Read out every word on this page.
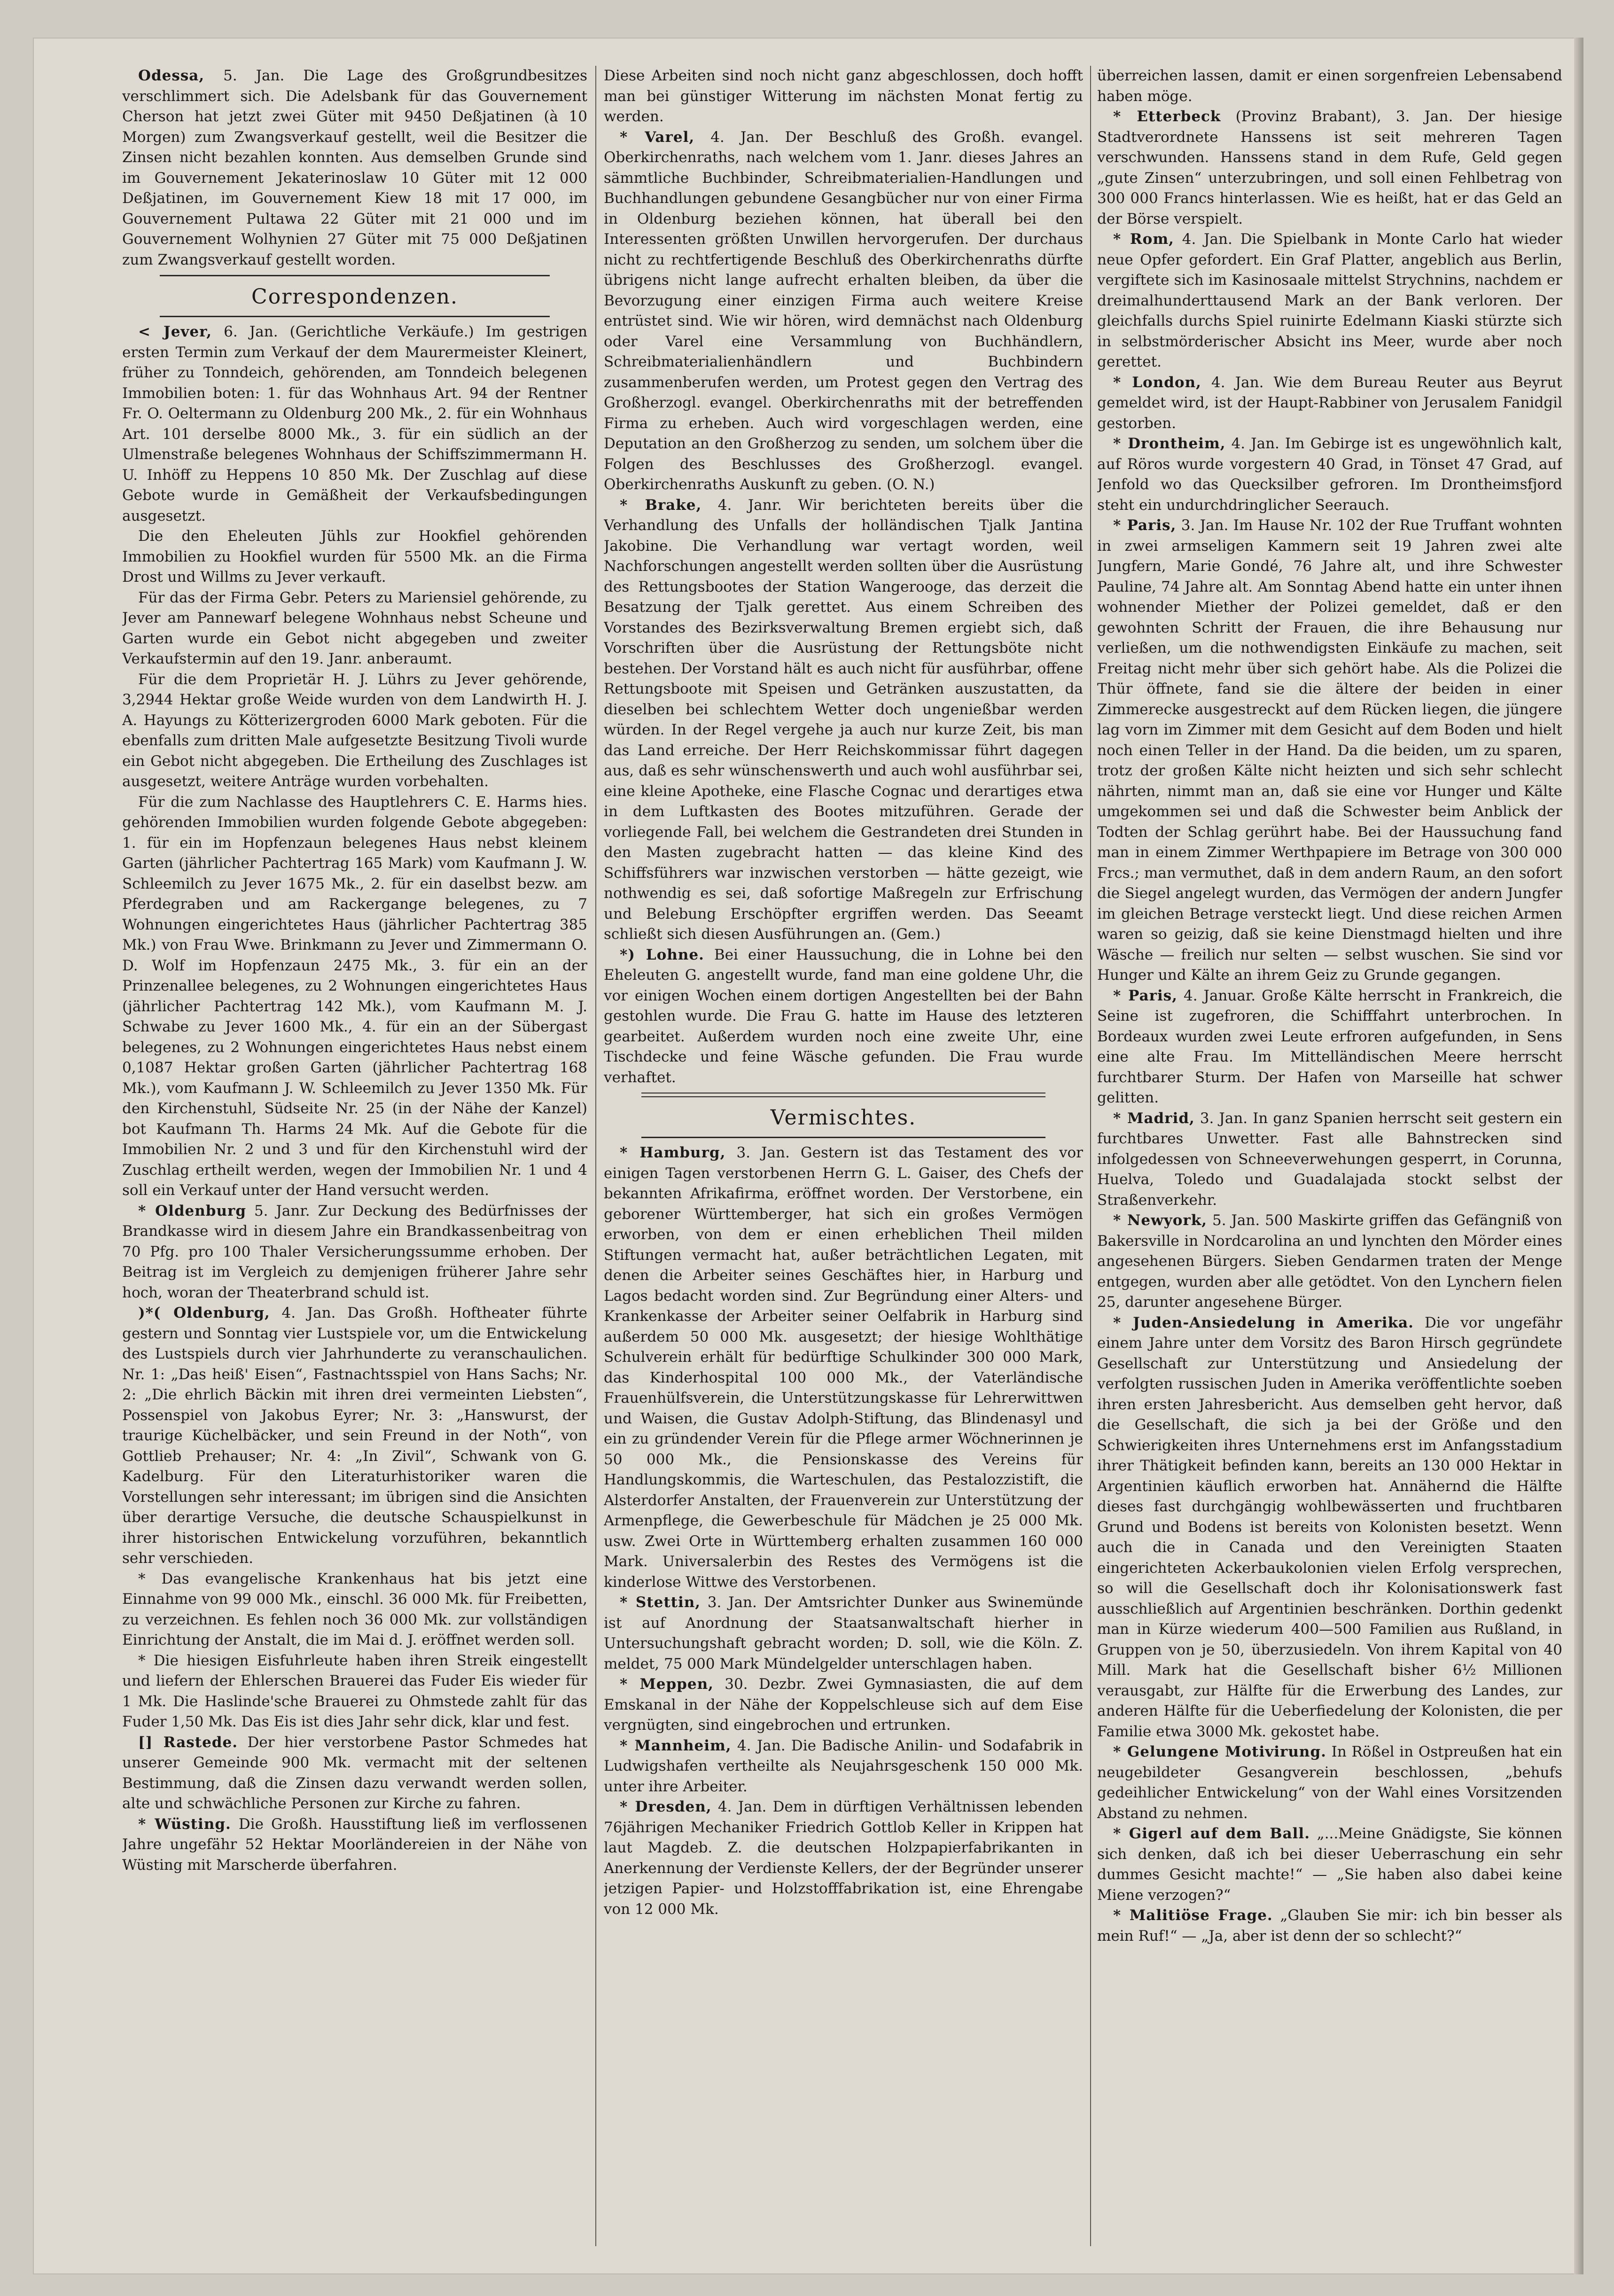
Odessa, 5. Jan. Die Lage des Großgrundbesitzes verschlimmert sich. Die Adelsbank für das Gouvernement Cherson hat jetzt zwei Güter mit 9450 Deßjatinen (à 10 Morgen) zum Zwangsverkauf gestellt, weil die Besitzer die Zinsen nicht bezahlen konnten. Aus demselben Grunde sind im Gouvernement Jekaterinoslaw 10 Güter mit 12 000 Deßjatinen, im Gouvernement Kiew 18 mit 17 000, im Gouvernement Pultawa 22 Güter mit 21 000 und im Gouvernement Wolhynien 27 Güter mit 75 000 Deßjatinen zum Zwangsverkauf gestellt worden.

Correspondenzen.

< Jever, 6. Jan. (Gerichtliche Verkäufe.) Im gestrigen ersten Termin zum Verkauf der dem Maurermeister Kleinert, früher zu Tonndeich, gehörenden, am Tonndeich belegenen Immobilien boten: 1. für das Wohnhaus Art. 94 der Rentner Fr. O. Oeltermann zu Oldenburg 200 Mk., 2. für ein Wohnhaus Art. 101 derselbe 8000 Mk., 3. für ein südlich an der Ulmenstraße belegenes Wohnhaus der Schiffszimmermann H. U. Inhöff zu Heppens 10 850 Mk. Der Zuschlag auf diese Gebote wurde in Gemäßheit der Verkaufsbedingungen ausgesetzt.

Die den Eheleuten Jühls zur Hookfiel gehörenden Immobilien zu Hookfiel wurden für 5500 Mk. an die Firma Drost und Willms zu Jever verkauft.

Für das der Firma Gebr. Peters zu Mariensiel gehörende, zu Jever am Pannewarf belegene Wohnhaus nebst Scheune und Garten wurde ein Gebot nicht abgegeben und zweiter Verkaufstermin auf den 19. Janr. anberaumt.

Für die dem Proprietär H. J. Lührs zu Jever gehörende, 3,2944 Hektar große Weide wurden von dem Landwirth H. J. A. Hayungs zu Kötterizergroden 6000 Mark geboten. Für die ebenfalls zum dritten Male aufgesetzte Besitzung Tivoli wurde ein Gebot nicht abgegeben. Die Ertheilung des Zuschlages ist ausgesetzt, weitere Anträge wurden vorbehalten.

Für die zum Nachlasse des Hauptlehrers C. E. Harms hies. gehörenden Immobilien wurden folgende Gebote abgegeben: 1. für ein im Hopfenzaun belegenes Haus nebst kleinem Garten (jährlicher Pachtertrag 165 Mark) vom Kaufmann J. W. Schleemilch zu Jever 1675 Mk., 2. für ein daselbst bezw. am Pferdegraben und am Rackergange belegenes, zu 7 Wohnungen eingerichtetes Haus (jährlicher Pachtertrag 385 Mk.) von Frau Wwe. Brinkmann zu Jever und Zimmermann O. D. Wolf im Hopfenzaun 2475 Mk., 3. für ein an der Prinzenallee belegenes, zu 2 Wohnungen eingerichtetes Haus (jährlicher Pachtertrag 142 Mk.), vom Kaufmann M. J. Schwabe zu Jever 1600 Mk., 4. für ein an der Sübergast belegenes, zu 2 Wohnungen eingerichtetes Haus nebst einem 0,1087 Hektar großen Garten (jährlicher Pachtertrag 168 Mk.), vom Kaufmann J. W. Schleemilch zu Jever 1350 Mk. Für den Kirchenstuhl, Südseite Nr. 25 (in der Nähe der Kanzel) bot Kaufmann Th. Harms 24 Mk. Auf die Gebote für die Immobilien Nr. 2 und 3 und für den Kirchenstuhl wird der Zuschlag ertheilt werden, wegen der Immobilien Nr. 1 und 4 soll ein Verkauf unter der Hand versucht werden.

* Oldenburg 5. Janr. Zur Deckung des Bedürfnisses der Brandkasse wird in diesem Jahre ein Brandkassenbeitrag von 70 Pfg. pro 100 Thaler Versicherungssumme erhoben. Der Beitrag ist im Vergleich zu demjenigen früherer Jahre sehr hoch, woran der Theaterbrand schuld ist.

)*( Oldenburg, 4. Jan. Das Großh. Hoftheater führte gestern und Sonntag vier Lustspiele vor, um die Entwickelung des Lustspiels durch vier Jahrhunderte zu veranschaulichen. Nr. 1: „Das heiß' Eisen“, Fastnachtsspiel von Hans Sachs; Nr. 2: „Die ehrlich Bäckin mit ihren drei vermeinten Liebsten“, Possenspiel von Jakobus Eyrer; Nr. 3: „Hanswurst, der traurige Küchelbäcker, und sein Freund in der Noth“, von Gottlieb Prehauser; Nr. 4: „In Zivil“, Schwank von G. Kadelburg. Für den Literaturhistoriker waren die Vorstellungen sehr interessant; im übrigen sind die Ansichten über derartige Versuche, die deutsche Schauspielkunst in ihrer historischen Entwickelung vorzuführen, bekanntlich sehr verschieden.

* Das evangelische Krankenhaus hat bis jetzt eine Einnahme von 99 000 Mk., einschl. 36 000 Mk. für Freibetten, zu verzeichnen. Es fehlen noch 36 000 Mk. zur vollständigen Einrichtung der Anstalt, die im Mai d. J. eröffnet werden soll.

* Die hiesigen Eisfuhrleute haben ihren Streik eingestellt und liefern der Ehlerschen Brauerei das Fuder Eis wieder für 1 Mk. Die Haslinde'sche Brauerei zu Ohmstede zahlt für das Fuder 1,50 Mk. Das Eis ist dies Jahr sehr dick, klar und fest.

[] Rastede. Der hier verstorbene Pastor Schmedes hat unserer Gemeinde 900 Mk. vermacht mit der seltenen Bestimmung, daß die Zinsen dazu verwandt werden sollen, alte und schwächliche Personen zur Kirche zu fahren.

* Wüsting. Die Großh. Hausstiftung ließ im verflossenen Jahre ungefähr 52 Hektar Moorländereien in der Nähe von Wüsting mit Marscherde überfahren.

Diese Arbeiten sind noch nicht ganz abgeschlossen, doch hofft man bei günstiger Witterung im nächsten Monat fertig zu werden.

* Varel, 4. Jan. Der Beschluß des Großh. evangel. Oberkirchenraths, nach welchem vom 1. Janr. dieses Jahres an sämmtliche Buchbinder, Schreibmaterialien-Handlungen und Buchhandlungen gebundene Gesangbücher nur von einer Firma in Oldenburg beziehen können, hat überall bei den Interessenten größten Unwillen hervorgerufen. Der durchaus nicht zu rechtfertigende Beschluß des Oberkirchenraths dürfte übrigens nicht lange aufrecht erhalten bleiben, da über die Bevorzugung einer einzigen Firma auch weitere Kreise entrüstet sind. Wie wir hören, wird demnächst nach Oldenburg oder Varel eine Versammlung von Buchhändlern, Schreibmaterialienhändlern und Buchbindern zusammenberufen werden, um Protest gegen den Vertrag des Großherzogl. evangel. Oberkirchenraths mit der betreffenden Firma zu erheben. Auch wird vorgeschlagen werden, eine Deputation an den Großherzog zu senden, um solchem über die Folgen des Beschlusses des Großherzogl. evangel. Oberkirchenraths Auskunft zu geben. (O. N.)

* Brake, 4. Janr. Wir berichteten bereits über die Verhandlung des Unfalls der holländischen Tjalk Jantina Jakobine. Die Verhandlung war vertagt worden, weil Nachforschungen angestellt werden sollten über die Ausrüstung des Rettungsbootes der Station Wangerooge, das derzeit die Besatzung der Tjalk gerettet. Aus einem Schreiben des Vorstandes des Bezirksverwaltung Bremen ergiebt sich, daß Vorschriften über die Ausrüstung der Rettungsböte nicht bestehen. Der Vorstand hält es auch nicht für ausführbar, offene Rettungsboote mit Speisen und Getränken auszustatten, da dieselben bei schlechtem Wetter doch ungenießbar werden würden. In der Regel vergehe ja auch nur kurze Zeit, bis man das Land erreiche. Der Herr Reichskommissar führt dagegen aus, daß es sehr wünschenswerth und auch wohl ausführbar sei, eine kleine Apotheke, eine Flasche Cognac und derartiges etwa in dem Luftkasten des Bootes mitzuführen. Gerade der vorliegende Fall, bei welchem die Gestrandeten drei Stunden in den Masten zugebracht hatten — das kleine Kind des Schiffsführers war inzwischen verstorben — hätte gezeigt, wie nothwendig es sei, daß sofortige Maßregeln zur Erfrischung und Belebung Erschöpfter ergriffen werden. Das Seeamt schließt sich diesen Ausführungen an. (Gem.)

*) Lohne. Bei einer Haussuchung, die in Lohne bei den Eheleuten G. angestellt wurde, fand man eine goldene Uhr, die vor einigen Wochen einem dortigen Angestellten bei der Bahn gestohlen wurde. Die Frau G. hatte im Hause des letzteren gearbeitet. Außerdem wurden noch eine zweite Uhr, eine Tischdecke und feine Wäsche gefunden. Die Frau wurde verhaftet.

Vermischtes.

* Hamburg, 3. Jan. Gestern ist das Testament des vor einigen Tagen verstorbenen Herrn G. L. Gaiser, des Chefs der bekannten Afrikafirma, eröffnet worden. Der Verstorbene, ein geborener Württemberger, hat sich ein großes Vermögen erworben, von dem er einen erheblichen Theil milden Stiftungen vermacht hat, außer beträchtlichen Legaten, mit denen die Arbeiter seines Geschäftes hier, in Harburg und Lagos bedacht worden sind. Zur Begründung einer Alters- und Krankenkasse der Arbeiter seiner Oelfabrik in Harburg sind außerdem 50 000 Mk. ausgesetzt; der hiesige Wohlthätige Schulverein erhält für bedürftige Schulkinder 300 000 Mark, das Kinderhospital 100 000 Mk., der Vaterländische Frauenhülfsverein, die Unterstützungskasse für Lehrerwittwen und Waisen, die Gustav Adolph-Stiftung, das Blindenasyl und ein zu gründender Verein für die Pflege armer Wöchnerinnen je 50 000 Mk., die Pensionskasse des Vereins für Handlungskommis, die Warteschulen, das Pestalozzistift, die Alsterdorfer Anstalten, der Frauenverein zur Unterstützung der Armenpflege, die Gewerbeschule für Mädchen je 25 000 Mk. usw. Zwei Orte in Württemberg erhalten zusammen 160 000 Mark. Universalerbin des Restes des Vermögens ist die kinderlose Wittwe des Verstorbenen.

* Stettin, 3. Jan. Der Amtsrichter Dunker aus Swinemünde ist auf Anordnung der Staatsanwaltschaft hierher in Untersuchungshaft gebracht worden; D. soll, wie die Köln. Z. meldet, 75 000 Mark Mündelgelder unterschlagen haben.

* Meppen, 30. Dezbr. Zwei Gymnasiasten, die auf dem Emskanal in der Nähe der Koppelschleuse sich auf dem Eise vergnügten, sind eingebrochen und ertrunken.

* Mannheim, 4. Jan. Die Badische Anilin- und Sodafabrik in Ludwigshafen vertheilte als Neujahrsgeschenk 150 000 Mk. unter ihre Arbeiter.

* Dresden, 4. Jan. Dem in dürftigen Verhältnissen lebenden 76jährigen Mechaniker Friedrich Gottlob Keller in Krippen hat laut Magdeb. Z. die deutschen Holzpapierfabrikanten in Anerkennung der Verdienste Kellers, der der Begründer unserer jetzigen Papier- und Holzstofffabrikation ist, eine Ehrengabe von 12 000 Mk.

überreichen lassen, damit er einen sorgenfreien Lebensabend haben möge.

* Etterbeck (Provinz Brabant), 3. Jan. Der hiesige Stadtverordnete Hanssens ist seit mehreren Tagen verschwunden. Hanssens stand in dem Rufe, Geld gegen „gute Zinsen“ unterzubringen, und soll einen Fehlbetrag von 300 000 Francs hinterlassen. Wie es heißt, hat er das Geld an der Börse verspielt.

* Rom, 4. Jan. Die Spielbank in Monte Carlo hat wieder neue Opfer gefordert. Ein Graf Platter, angeblich aus Berlin, vergiftete sich im Kasinosaale mittelst Strychnins, nachdem er dreimalhunderttausend Mark an der Bank verloren. Der gleichfalls durchs Spiel ruinirte Edelmann Kiaski stürzte sich in selbstmörderischer Absicht ins Meer, wurde aber noch gerettet.

* London, 4. Jan. Wie dem Bureau Reuter aus Beyrut gemeldet wird, ist der Haupt-Rabbiner von Jerusalem Fanidgil gestorben.

* Drontheim, 4. Jan. Im Gebirge ist es ungewöhnlich kalt, auf Röros wurde vorgestern 40 Grad, in Tönset 47 Grad, auf Jenfold wo das Quecksilber gefroren. Im Drontheimsfjord steht ein undurchdringlicher Seerauch.

* Paris, 3. Jan. Im Hause Nr. 102 der Rue Truffant wohnten in zwei armseligen Kammern seit 19 Jahren zwei alte Jungfern, Marie Gondé, 76 Jahre alt, und ihre Schwester Pauline, 74 Jahre alt. Am Sonntag Abend hatte ein unter ihnen wohnender Miether der Polizei gemeldet, daß er den gewohnten Schritt der Frauen, die ihre Behausung nur verließen, um die nothwendigsten Einkäufe zu machen, seit Freitag nicht mehr über sich gehört habe. Als die Polizei die Thür öffnete, fand sie die ältere der beiden in einer Zimmerecke ausgestreckt auf dem Rücken liegen, die jüngere lag vorn im Zimmer mit dem Gesicht auf dem Boden und hielt noch einen Teller in der Hand. Da die beiden, um zu sparen, trotz der großen Kälte nicht heizten und sich sehr schlecht nährten, nimmt man an, daß sie eine vor Hunger und Kälte umgekommen sei und daß die Schwester beim Anblick der Todten der Schlag gerührt habe. Bei der Haussuchung fand man in einem Zimmer Werthpapiere im Betrage von 300 000 Frcs.; man vermuthet, daß in dem andern Raum, an den sofort die Siegel angelegt wurden, das Vermögen der andern Jungfer im gleichen Betrage versteckt liegt. Und diese reichen Armen waren so geizig, daß sie keine Dienstmagd hielten und ihre Wäsche — freilich nur selten — selbst wuschen. Sie sind vor Hunger und Kälte an ihrem Geiz zu Grunde gegangen.

* Paris, 4. Januar. Große Kälte herrscht in Frankreich, die Seine ist zugefroren, die Schifffahrt unterbrochen. In Bordeaux wurden zwei Leute erfroren aufgefunden, in Sens eine alte Frau. Im Mittelländischen Meere herrscht furchtbarer Sturm. Der Hafen von Marseille hat schwer gelitten.

* Madrid, 3. Jan. In ganz Spanien herrscht seit gestern ein furchtbares Unwetter. Fast alle Bahnstrecken sind infolgedessen von Schneeverwehungen gesperrt, in Corunna, Huelva, Toledo und Guadalajada stockt selbst der Straßenverkehr.

* Newyork, 5. Jan. 500 Maskirte griffen das Gefängniß von Bakersville in Nordcarolina an und lynchten den Mörder eines angesehenen Bürgers. Sieben Gendarmen traten der Menge entgegen, wurden aber alle getödtet. Von den Lynchern fielen 25, darunter angesehene Bürger.

* Juden-Ansiedelung in Amerika. Die vor ungefähr einem Jahre unter dem Vorsitz des Baron Hirsch gegründete Gesellschaft zur Unterstützung und Ansiedelung der verfolgten russischen Juden in Amerika veröffentlichte soeben ihren ersten Jahresbericht. Aus demselben geht hervor, daß die Gesellschaft, die sich ja bei der Größe und den Schwierigkeiten ihres Unternehmens erst im Anfangsstadium ihrer Thätigkeit befinden kann, bereits an 130 000 Hektar in Argentinien käuflich erworben hat. Annähernd die Hälfte dieses fast durchgängig wohlbewässerten und fruchtbaren Grund und Bodens ist bereits von Kolonisten besetzt. Wenn auch die in Canada und den Vereinigten Staaten eingerichteten Ackerbaukolonien vielen Erfolg versprechen, so will die Gesellschaft doch ihr Kolonisationswerk fast ausschließlich auf Argentinien beschränken. Dorthin gedenkt man in Kürze wiederum 400—500 Familien aus Rußland, in Gruppen von je 50, überzusiedeln. Von ihrem Kapital von 40 Mill. Mark hat die Gesellschaft bisher 6½ Millionen verausgabt, zur Hälfte für die Erwerbung des Landes, zur anderen Hälfte für die Ueberfiedelung der Kolonisten, die per Familie etwa 3000 Mk. gekostet habe.

* Gelungene Motivirung. In Rößel in Ostpreußen hat ein neugebildeter Gesangverein beschlossen, „behufs gedeihlicher Entwickelung“ von der Wahl eines Vorsitzenden Abstand zu nehmen.

* Gigerl auf dem Ball. „...Meine Gnädigste, Sie können sich denken, daß ich bei dieser Ueberraschung ein sehr dummes Gesicht machte!“ — „Sie haben also dabei keine Miene verzogen?“

* Malitiöse Frage. „Glauben Sie mir: ich bin besser als mein Ruf!“ — „Ja, aber ist denn der so schlecht?“
